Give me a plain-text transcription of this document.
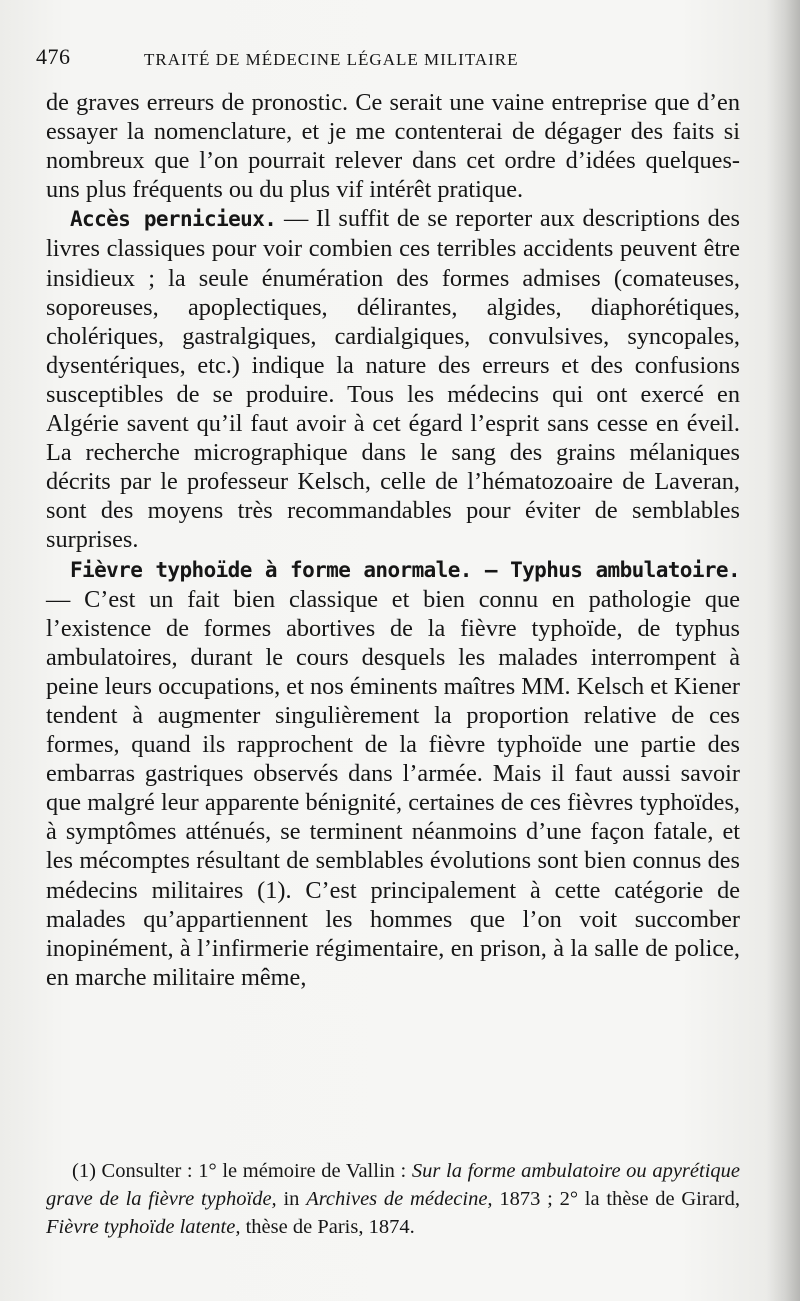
476	TRAITÉ DE MÉDECINE LÉGALE MILITAIRE

de graves erreurs de pronostic. Ce serait une vaine entreprise que d’en essayer la nomenclature, et je me contenterai de dégager des faits si nombreux que l’on pourrait relever dans cet ordre d’idées quelques-uns plus fréquents ou du plus vif intérêt pratique.

Accès pernicieux. — Il suffit de se reporter aux descriptions des livres classiques pour voir combien ces terribles accidents peuvent être insidieux ; la seule énumération des formes admises (comateuses, soporeuses, apoplectiques, délirantes, algides, diaphorétiques, cholériques, gastralgiques, cardialgiques, convulsives, syncopales, dysentériques, etc.) indique la nature des erreurs et des confusions susceptibles de se produire. Tous les médecins qui ont exercé en Algérie savent qu’il faut avoir à cet égard l’esprit sans cesse en éveil. La recherche micrographique dans le sang des grains mélaniques décrits par le professeur Kelsch, celle de l’hématozoaire de Laveran, sont des moyens très recommandables pour éviter de semblables surprises.

Fièvre typhoïde à forme anormale. — Typhus ambulatoire. — C’est un fait bien classique et bien connu en pathologie que l’existence de formes abortives de la fièvre typhoïde, de typhus ambulatoires, durant le cours desquels les malades interrompent à peine leurs occupations, et nos éminents maîtres MM. Kelsch et Kiener tendent à augmenter singulièrement la proportion relative de ces formes, quand ils rapprochent de la fièvre typhoïde une partie des embarras gastriques observés dans l’armée. Mais il faut aussi savoir que malgré leur apparente bénignité, certaines de ces fièvres typhoïdes, à symptômes atténués, se terminent néanmoins d’une façon fatale, et les mécomptes résultant de semblables évolutions sont bien connus des médecins militaires (1). C’est principalement à cette catégorie de malades qu’appartiennent les hommes que l’on voit succomber inopinément, à l’infirmerie régimentaire, en prison, à la salle de police, en marche militaire même,

(1) Consulter : 1° le mémoire de Vallin : Sur la forme ambulatoire ou apyrétique grave de la fièvre typhoïde, in Archives de médecine, 1873 ; 2° la thèse de Girard, Fièvre typhoïde latente, thèse de Paris, 1874.
